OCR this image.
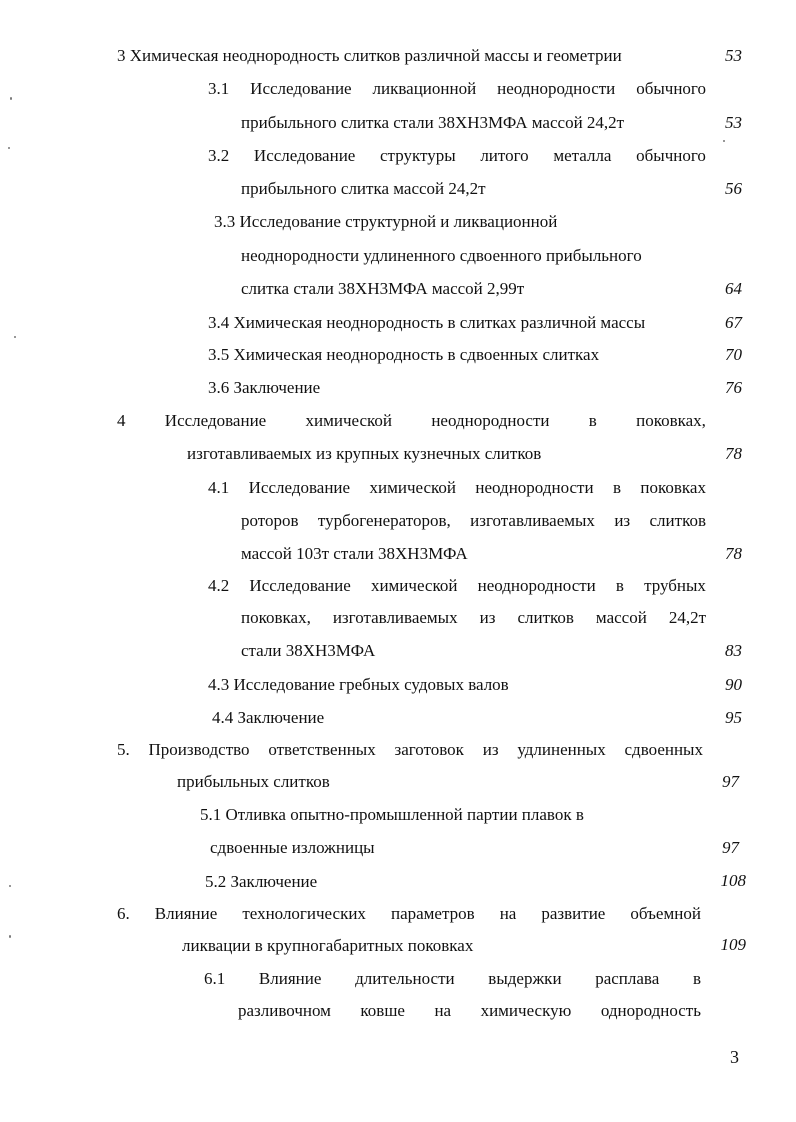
3 Химическая неоднородность слитков различной массы и геометрии	53
3.1 Исследование ликвационной неоднородности обычного
прибыльного слитка стали 38ХН3МФА массой 24,2т	53
3.2 Исследование структуры литого металла обычного
прибыльного слитка массой 24,2т	56
3.3 Исследование структурной и ликвационной
неоднородности удлиненного сдвоенного прибыльного
слитка стали 38ХН3МФА массой 2,99т	64
3.4 Химическая неоднородность в слитках различной массы	67
3.5 Химическая неоднородность в сдвоенных слитках	70
3.6 Заключение	76
4 Исследование химической неоднородности в поковках,
изготавливаемых из крупных кузнечных слитков	78
4.1 Исследование химической неоднородности в поковках
роторов турбогенераторов, изготавливаемых из слитков
массой 103т стали 38ХН3МФА	78
4.2 Исследование химической неоднородности в трубных
поковках, изготавливаемых из слитков массой 24,2т
стали 38ХН3МФА	83
4.3 Исследование гребных судовых валов	90
4.4 Заключение	95
5. Производство ответственных заготовок из удлиненных сдвоенных
прибыльных слитков	97
5.1 Отливка опытно-промышленной партии плавок в
сдвоенные изложницы	97
5.2 Заключение	108
6. Влияние технологических параметров на развитие объемной
ликвации в крупногабаритных поковках	109
6.1 Влияние длительности выдержки расплава в
разливочном ковше на химическую однородность
3
